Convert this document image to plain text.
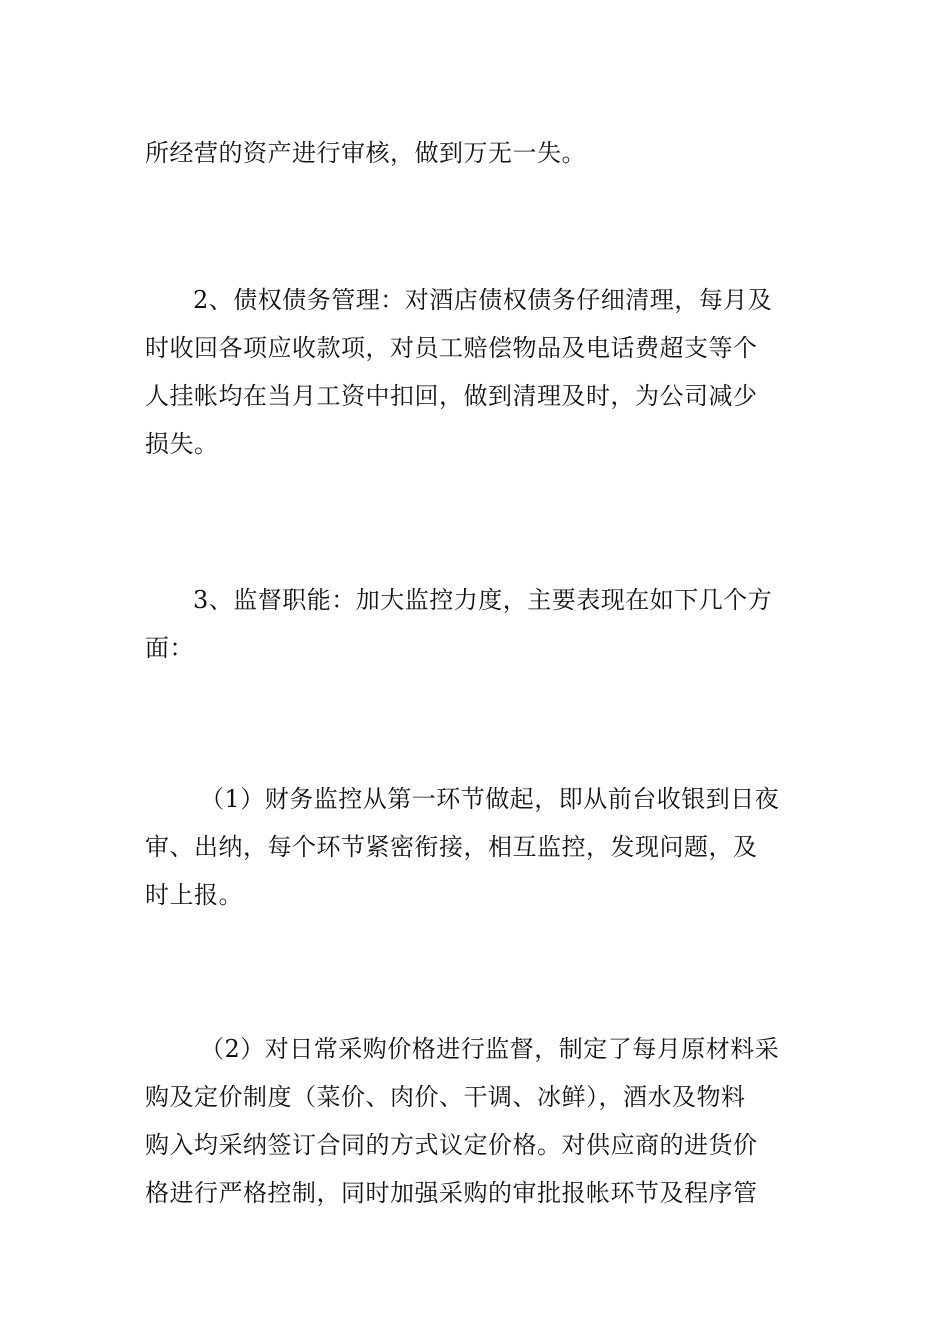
所经营的资产进行审核，做到万无一失。
2、债权债务管理：对酒店债权债务仔细清理，每月及
时收回各项应收款项，对员工赔偿物品及电话费超支等个
人挂帐均在当月工资中扣回，做到清理及时，为公司减少
损失。
3、监督职能：加大监控力度，主要表现在如下几个方
面：
（1）财务监控从第一环节做起，即从前台收银到日夜
审、出纳，每个环节紧密衔接，相互监控，发现问题，及
时上报。
（2）对日常采购价格进行监督，制定了每月原材料采
购及定价制度（菜价、肉价、干调、冰鲜），酒水及物料
购入均采纳签订合同的方式议定价格。对供应商的进货价
格进行严格控制，同时加强采购的审批报帐环节及程序管
